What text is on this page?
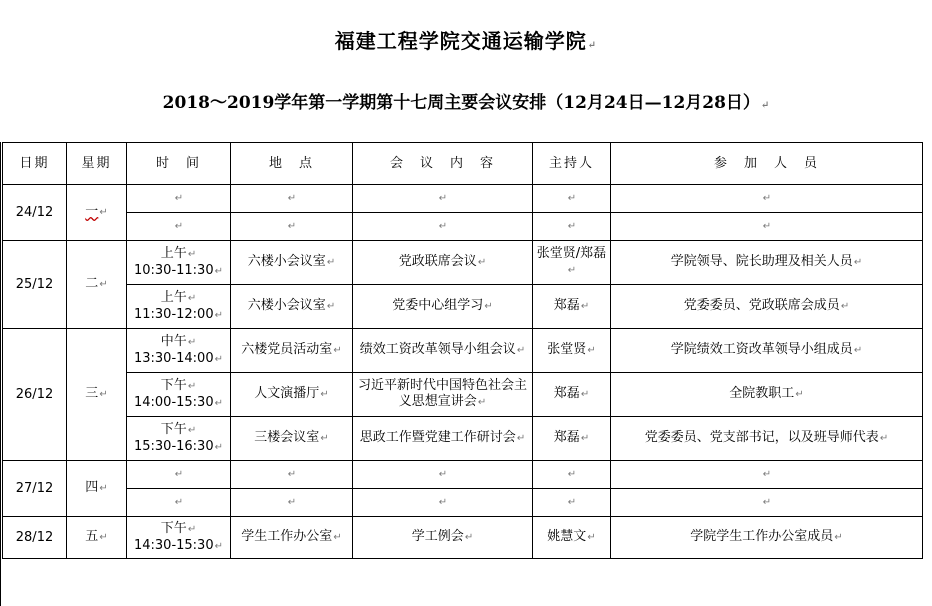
福建工程学院交通运输学院↵
2018～2019学年第一学期第十七周主要会议安排（12月24日—12月28日）↵
日期	星期	时　间	地　点	会　议　内　容	主持人	参　加　人　员
24/12	一↵	↵	↵	↵	↵	↵
		↵	↵	↵	↵	↵
25/12	二↵	上午↵
10:30-11:30↵	六楼小会议室↵	党政联席会议↵	张堂贤/郑磊↵	学院领导、院长助理及相关人员↵
		上午↵
11:30-12:00↵	六楼小会议室↵	党委中心组学习↵	郑磊↵	党委委员、党政联席会成员↵
26/12	三↵	中午↵
13:30-14:00↵	六楼党员活动室↵	绩效工资改革领导小组会议↵	张堂贤↵	学院绩效工资改革领导小组成员↵
		下午↵
14:00-15:30↵	人文演播厅↵	习近平新时代中国特色社会主义思想宣讲会↵	郑磊↵	全院教职工↵
		下午↵
15:30-16:30↵	三楼会议室↵	思政工作暨党建工作研讨会↵	郑磊↵	党委委员、党支部书记，以及班导师代表↵
27/12	四↵	↵	↵	↵	↵	↵
		↵	↵	↵	↵	↵
28/12	五↵	下午↵
14:30-15:30↵	学生工作办公室↵	学工例会↵	姚慧文↵	学院学生工作办公室成员↵
